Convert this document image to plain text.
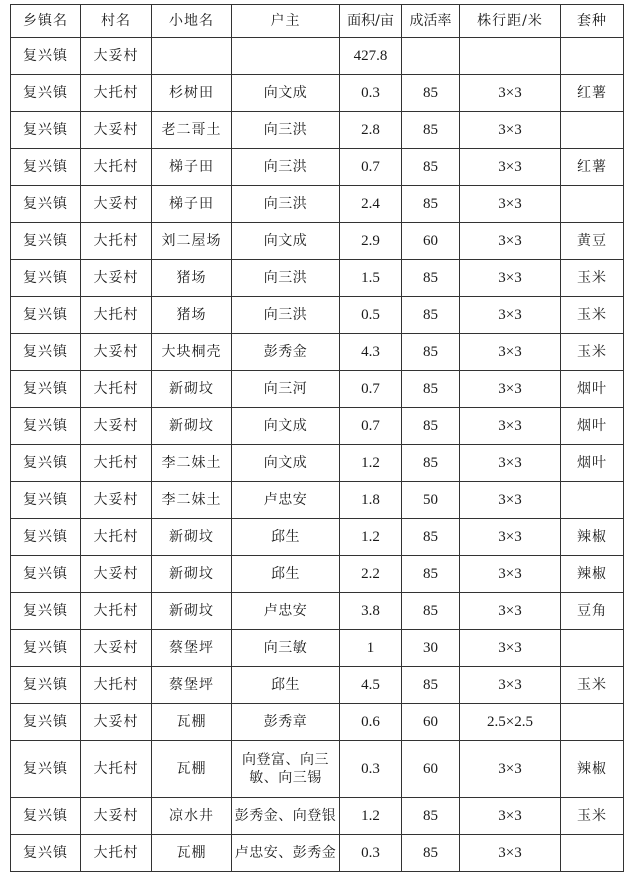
乡镇名	村名	小地名	户主	面积/亩	成活率	株行距/米	套种
复兴镇	大妥村			427.8			
复兴镇	大托村	杉树田	向文成	0.3	85	3×3	红薯
复兴镇	大妥村	老二哥土	向三洪	2.8	85	3×3	
复兴镇	大托村	梯子田	向三洪	0.7	85	3×3	红薯
复兴镇	大妥村	梯子田	向三洪	2.4	85	3×3	
复兴镇	大托村	刘二屋场	向文成	2.9	60	3×3	黄豆
复兴镇	大妥村	猪场	向三洪	1.5	85	3×3	玉米
复兴镇	大托村	猪场	向三洪	0.5	85	3×3	玉米
复兴镇	大妥村	大块桐壳	彭秀金	4.3	85	3×3	玉米
复兴镇	大托村	新砌坟	向三河	0.7	85	3×3	烟叶
复兴镇	大妥村	新砌坟	向文成	0.7	85	3×3	烟叶
复兴镇	大托村	李二妹土	向文成	1.2	85	3×3	烟叶
复兴镇	大妥村	李二妹土	卢忠安	1.8	50	3×3	
复兴镇	大托村	新砌坟	邱生	1.2	85	3×3	辣椒
复兴镇	大妥村	新砌坟	邱生	2.2	85	3×3	辣椒
复兴镇	大托村	新砌坟	卢忠安	3.8	85	3×3	豆角
复兴镇	大妥村	蔡堡坪	向三敏	1	30	3×3	
复兴镇	大托村	蔡堡坪	邱生	4.5	85	3×3	玉米
复兴镇	大妥村	瓦棚	彭秀章	0.6	60	2.5×2.5	
复兴镇	大托村	瓦棚	向登富、向三敏、向三锡	0.3	60	3×3	辣椒
复兴镇	大妥村	凉水井	彭秀金、向登银	1.2	85	3×3	玉米
复兴镇	大托村	瓦棚	卢忠安、彭秀金	0.3	85	3×3	
